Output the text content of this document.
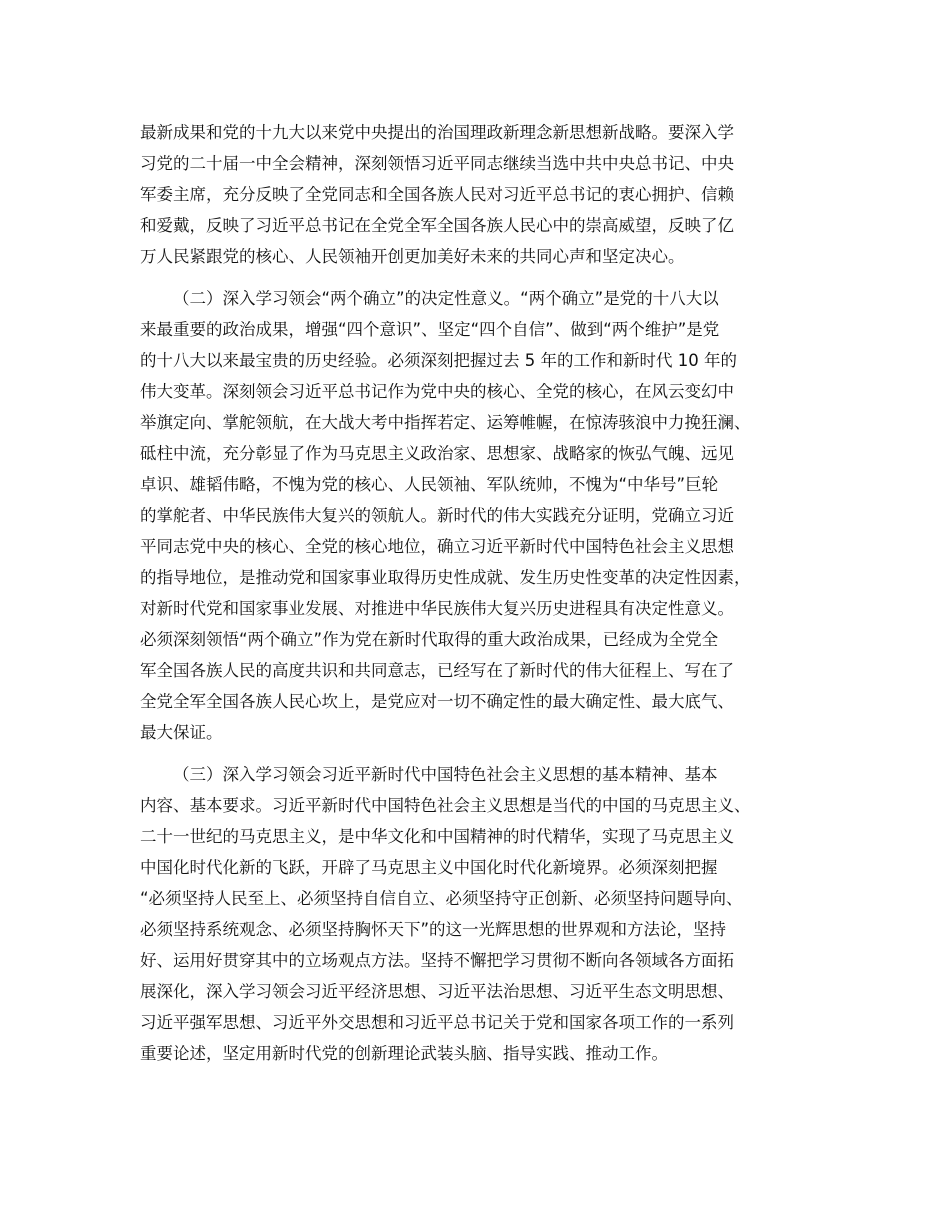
最新成果和党的十九大以来党中央提出的治国理政新理念新思想新战略。要深入学
习党的二十届一中全会精神，深刻领悟习近平同志继续当选中共中央总书记、中央
军委主席，充分反映了全党同志和全国各族人民对习近平总书记的衷心拥护、信赖
和爱戴，反映了习近平总书记在全党全军全国各族人民心中的崇高威望，反映了亿
万人民紧跟党的核心、人民领袖开创更加美好未来的共同心声和坚定决心。
（二）深入学习领会“两个确立”的决定性意义。“两个确立”是党的十八大以
来最重要的政治成果，增强“四个意识”、坚定“四个自信”、做到“两个维护”是党
的十八大以来最宝贵的历史经验。必须深刻把握过去 5 年的工作和新时代 10 年的
伟大变革。深刻领会习近平总书记作为党中央的核心、全党的核心，在风云变幻中
举旗定向、掌舵领航，在大战大考中指挥若定、运筹帷幄，在惊涛骇浪中力挽狂澜、
砥柱中流，充分彰显了作为马克思主义政治家、思想家、战略家的恢弘气魄、远见
卓识、雄韬伟略，不愧为党的核心、人民领袖、军队统帅，不愧为“中华号”巨轮
的掌舵者、中华民族伟大复兴的领航人。新时代的伟大实践充分证明，党确立习近
平同志党中央的核心、全党的核心地位，确立习近平新时代中国特色社会主义思想
的指导地位，是推动党和国家事业取得历史性成就、发生历史性变革的决定性因素，
对新时代党和国家事业发展、对推进中华民族伟大复兴历史进程具有决定性意义。
必须深刻领悟“两个确立”作为党在新时代取得的重大政治成果，已经成为全党全
军全国各族人民的高度共识和共同意志，已经写在了新时代的伟大征程上、写在了
全党全军全国各族人民心坎上，是党应对一切不确定性的最大确定性、最大底气、
最大保证。
（三）深入学习领会习近平新时代中国特色社会主义思想的基本精神、基本
内容、基本要求。习近平新时代中国特色社会主义思想是当代的中国的马克思主义、
二十一世纪的马克思主义，是中华文化和中国精神的时代精华，实现了马克思主义
中国化时代化新的飞跃，开辟了马克思主义中国化时代化新境界。必须深刻把握
“必须坚持人民至上、必须坚持自信自立、必须坚持守正创新、必须坚持问题导向、
必须坚持系统观念、必须坚持胸怀天下”的这一光辉思想的世界观和方法论，坚持
好、运用好贯穿其中的立场观点方法。坚持不懈把学习贯彻不断向各领域各方面拓
展深化，深入学习领会习近平经济思想、习近平法治思想、习近平生态文明思想、
习近平强军思想、习近平外交思想和习近平总书记关于党和国家各项工作的一系列
重要论述，坚定用新时代党的创新理论武装头脑、指导实践、推动工作。
